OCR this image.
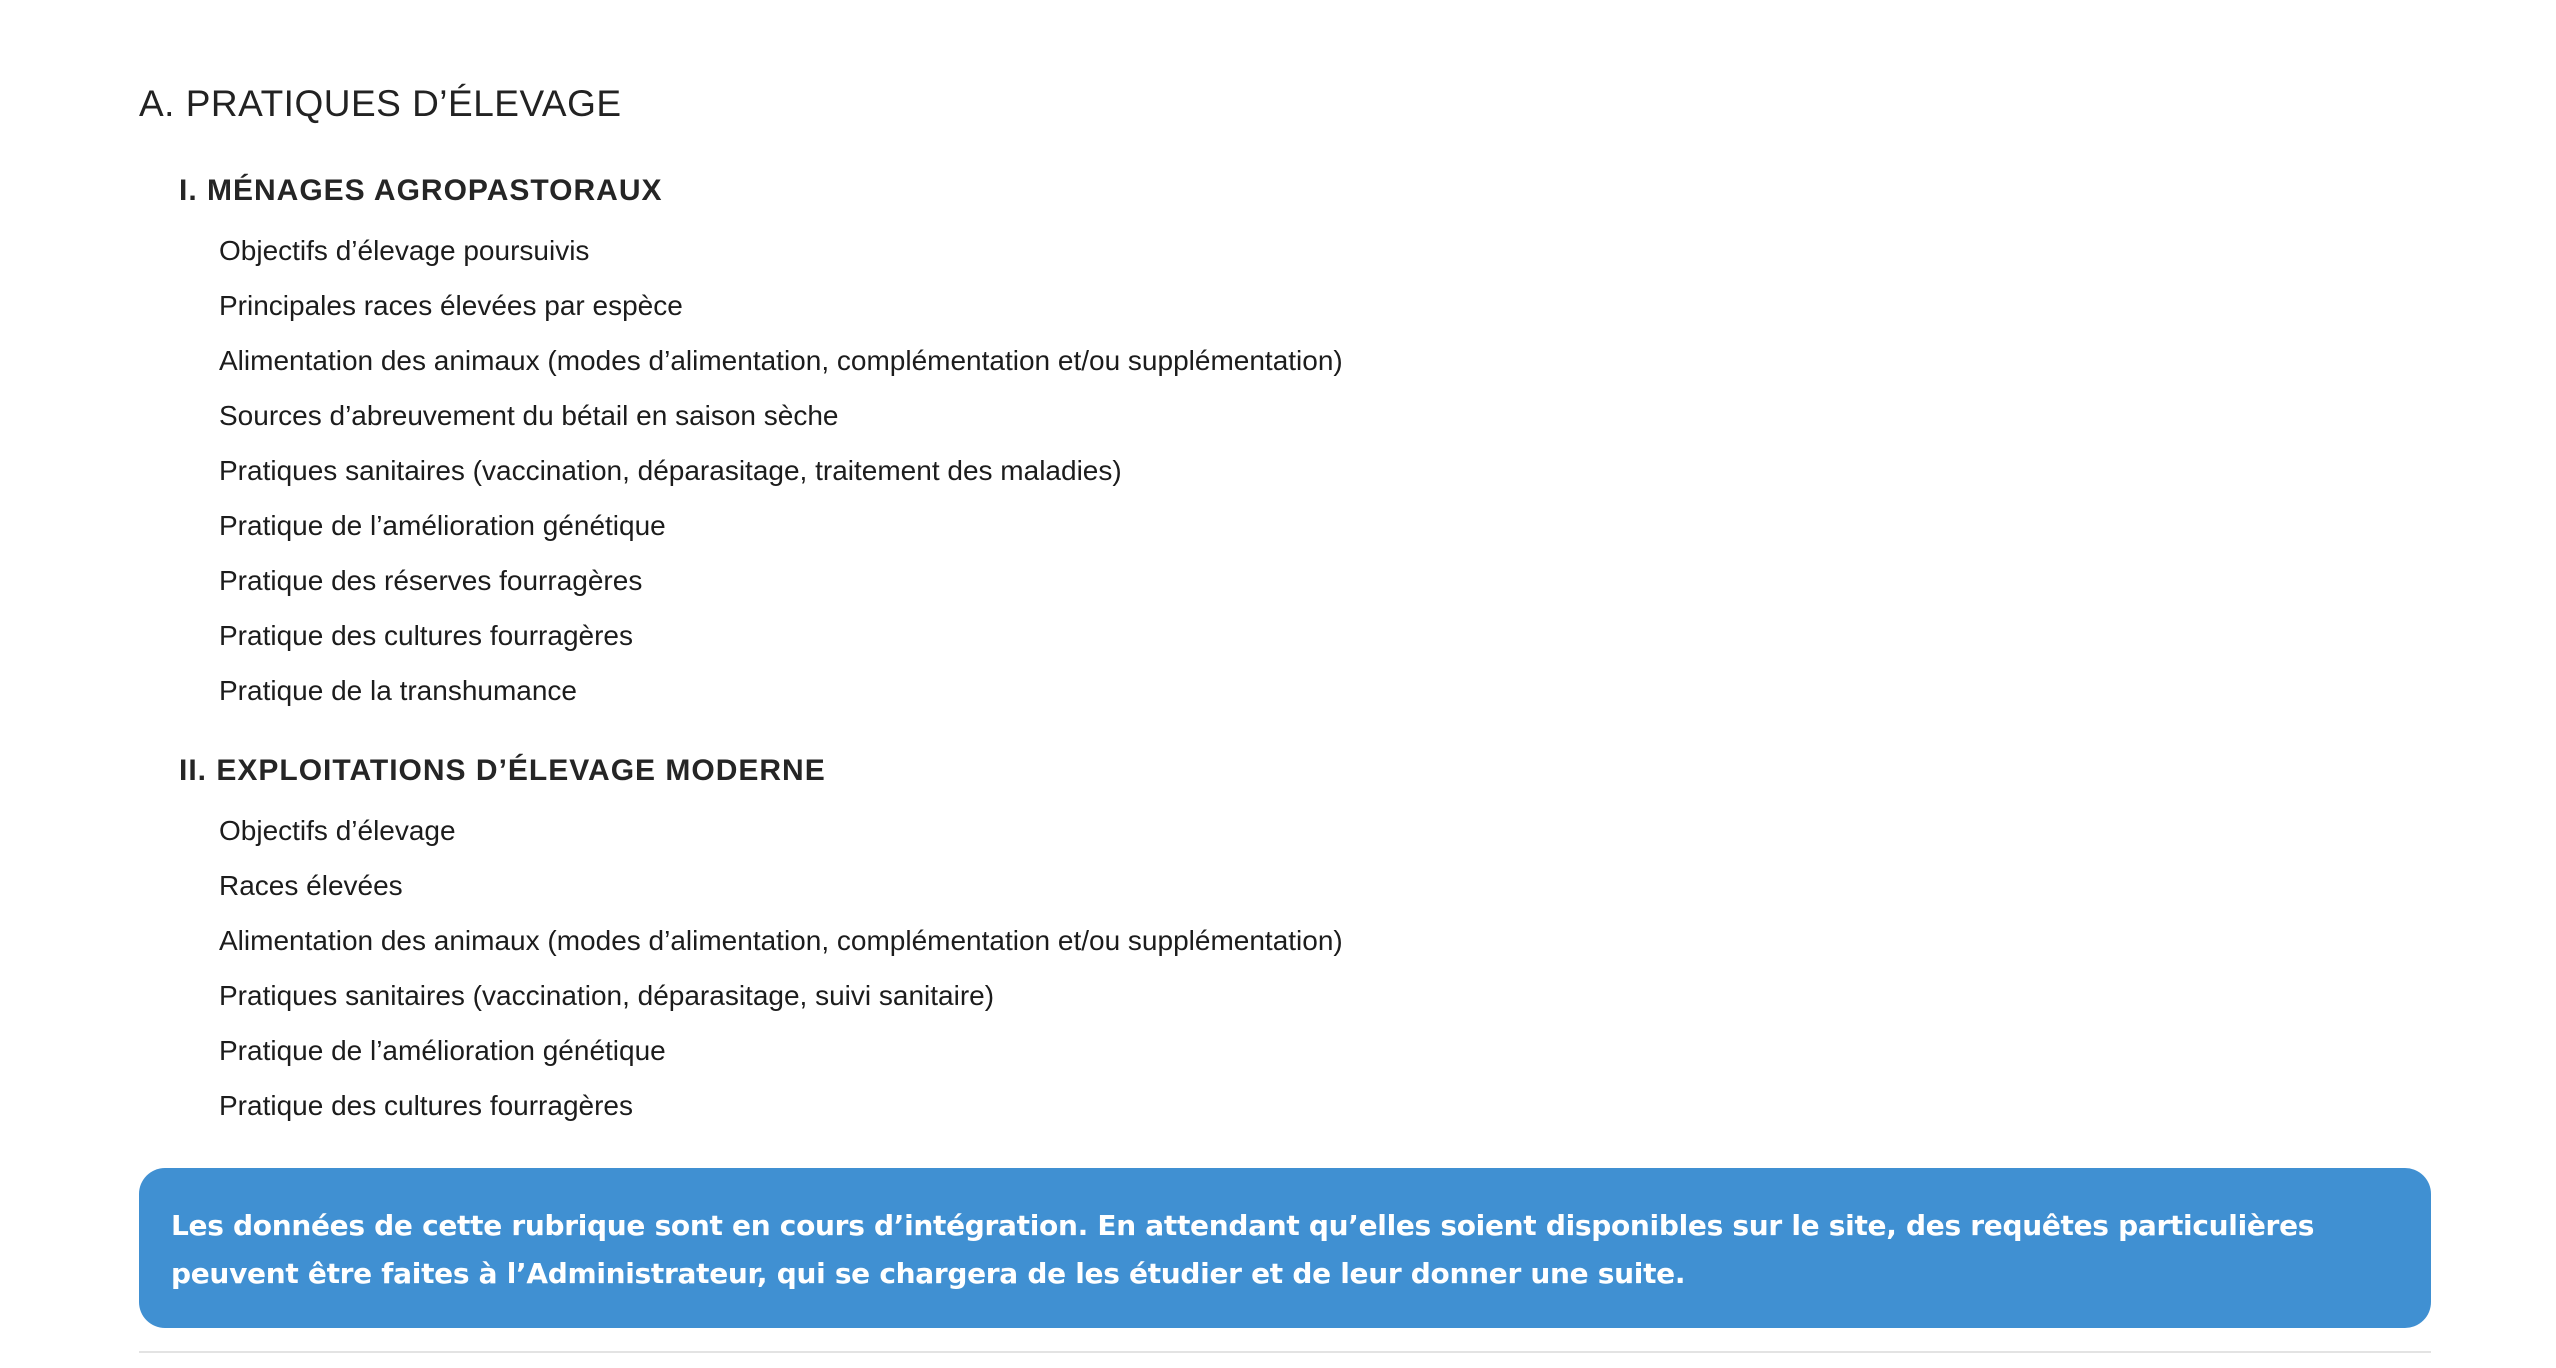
A. PRATIQUES D’ÉLEVAGE
I. MÉNAGES AGROPASTORAUX
Objectifs d’élevage poursuivis
Principales races élevées par espèce
Alimentation des animaux (modes d’alimentation, complémentation et/ou supplémentation)
Sources d’abreuvement du bétail en saison sèche
Pratiques sanitaires (vaccination, déparasitage, traitement des maladies)
Pratique de l’amélioration génétique
Pratique des réserves fourragères
Pratique des cultures fourragères
Pratique de la transhumance
II. EXPLOITATIONS D’ÉLEVAGE MODERNE
Objectifs d’élevage
Races élevées
Alimentation des animaux (modes d’alimentation, complémentation et/ou supplémentation)
Pratiques sanitaires (vaccination, déparasitage, suivi sanitaire)
Pratique de l’amélioration génétique
Pratique des cultures fourragères
Les données de cette rubrique sont en cours d’intégration. En attendant qu’elles soient disponibles sur le site, des requêtes particulières peuvent être faites à l’Administrateur, qui se chargera de les étudier et de leur donner une suite.
